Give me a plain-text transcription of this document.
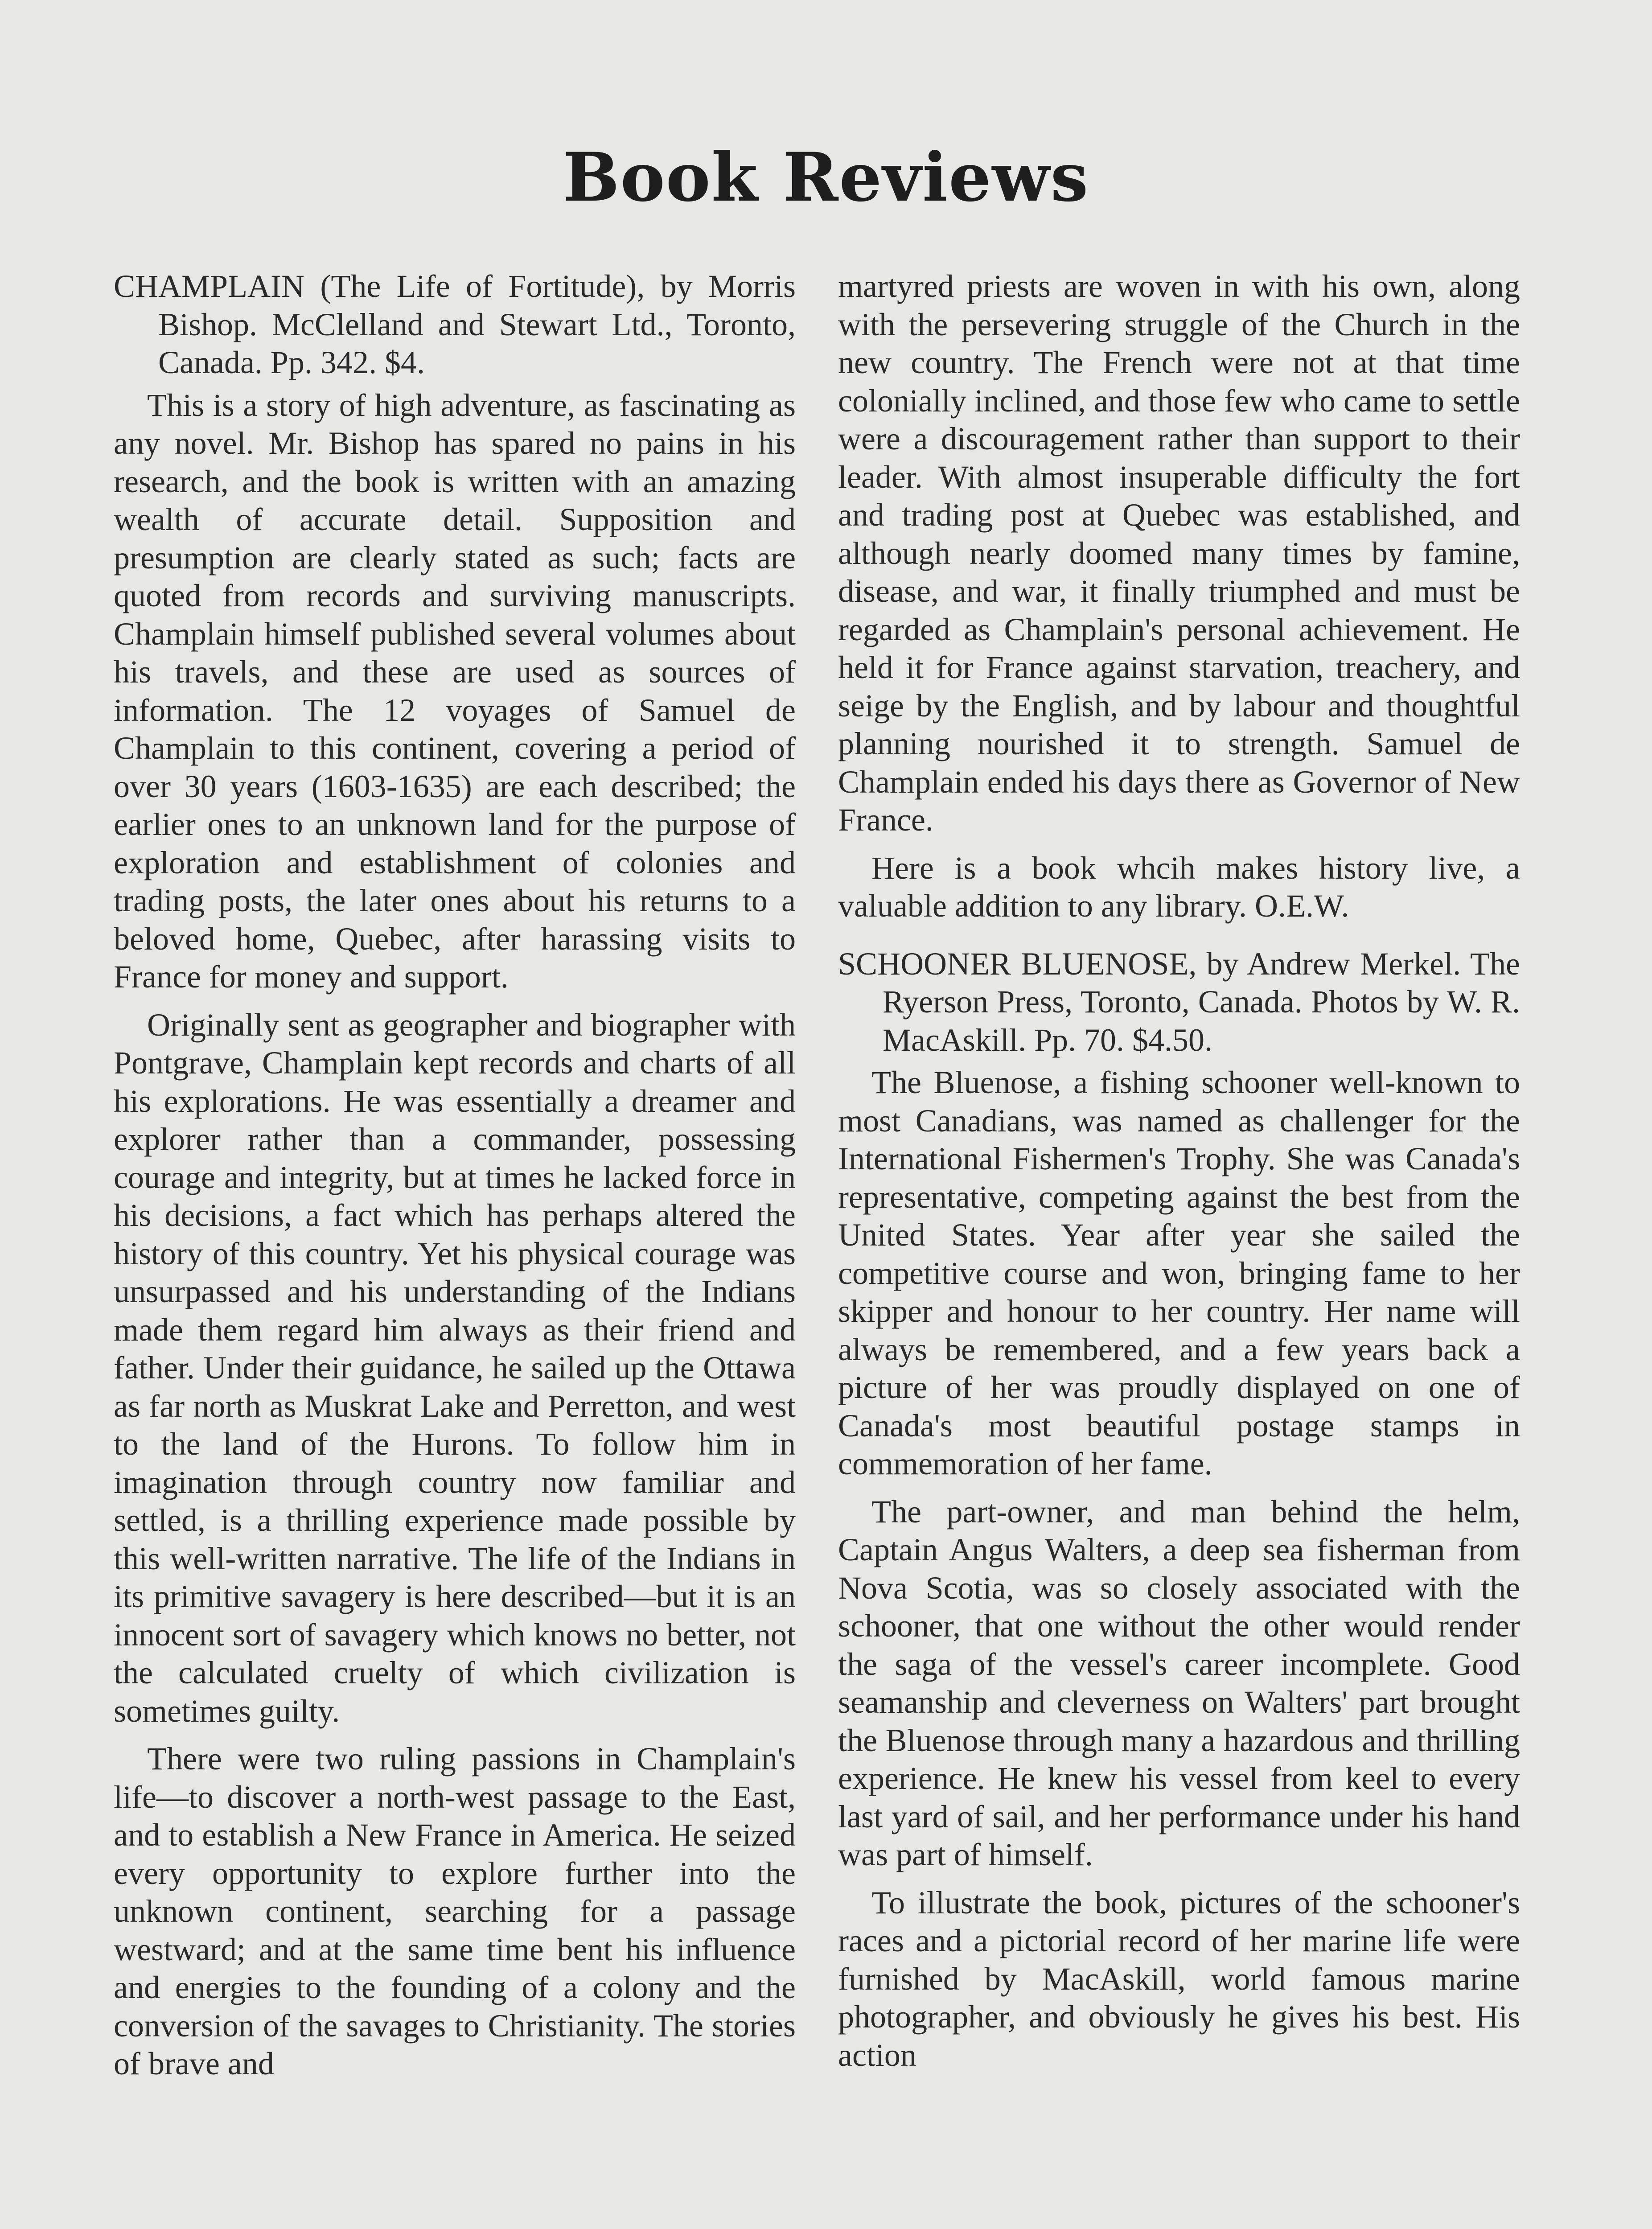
Book Reviews

CHAMPLAIN (The Life of Fortitude), by Morris Bishop. McClelland and Stewart Ltd., Toronto, Canada. Pp. 342. $4.

This is a story of high adventure, as fascinating as any novel. Mr. Bishop has spared no pains in his research, and the book is written with an amazing wealth of accurate detail. Supposition and presumption are clearly stated as such; facts are quoted from records and surviving manuscripts. Champlain himself published several volumes about his travels, and these are used as sources of information. The 12 voyages of Samuel de Champlain to this continent, covering a period of over 30 years (1603-1635) are each described; the earlier ones to an unknown land for the purpose of exploration and establishment of colonies and trading posts, the later ones about his returns to a beloved home, Quebec, after harassing visits to France for money and support.

Originally sent as geographer and biographer with Pontgrave, Champlain kept records and charts of all his explorations. He was essentially a dreamer and explorer rather than a commander, possessing courage and integrity, but at times he lacked force in his decisions, a fact which has perhaps altered the history of this country. Yet his physical courage was unsurpassed and his understanding of the Indians made them regard him always as their friend and father. Under their guidance, he sailed up the Ottawa as far north as Muskrat Lake and Perretton, and west to the land of the Hurons. To follow him in imagination through country now familiar and settled, is a thrilling experience made possible by this well-written narrative. The life of the Indians in its primitive savagery is here described—but it is an innocent sort of savagery which knows no better, not the calculated cruelty of which civilization is sometimes guilty.

There were two ruling passions in Champlain's life—to discover a north-west passage to the East, and to establish a New France in America. He seized every opportunity to explore further into the unknown continent, searching for a passage westward; and at the same time bent his influence and energies to the founding of a colony and the conversion of the savages to Christianity. The stories of brave and

martyred priests are woven in with his own, along with the persevering struggle of the Church in the new country. The French were not at that time colonially inclined, and those few who came to settle were a discouragement rather than support to their leader. With almost insuperable difficulty the fort and trading post at Quebec was established, and although nearly doomed many times by famine, disease, and war, it finally triumphed and must be regarded as Champlain's personal achievement. He held it for France against starvation, treachery, and seige by the English, and by labour and thoughtful planning nourished it to strength. Samuel de Champlain ended his days there as Governor of New France.

Here is a book whcih makes history live, a valuable addition to any library. O.E.W.

SCHOONER BLUENOSE, by Andrew Merkel. The Ryerson Press, Toronto, Canada. Photos by W. R. MacAskill. Pp. 70. $4.50.

The Bluenose, a fishing schooner well-known to most Canadians, was named as challenger for the International Fishermen's Trophy. She was Canada's representative, competing against the best from the United States. Year after year she sailed the competitive course and won, bringing fame to her skipper and honour to her country. Her name will always be remembered, and a few years back a picture of her was proudly displayed on one of Canada's most beautiful postage stamps in commemoration of her fame.

The part-owner, and man behind the helm, Captain Angus Walters, a deep sea fisherman from Nova Scotia, was so closely associated with the schooner, that one without the other would render the saga of the vessel's career incomplete. Good seamanship and cleverness on Walters' part brought the Bluenose through many a hazardous and thrilling experience. He knew his vessel from keel to every last yard of sail, and her performance under his hand was part of himself.

To illustrate the book, pictures of the schooner's races and a pictorial record of her marine life were furnished by MacAskill, world famous marine photographer, and obviously he gives his best. His action
